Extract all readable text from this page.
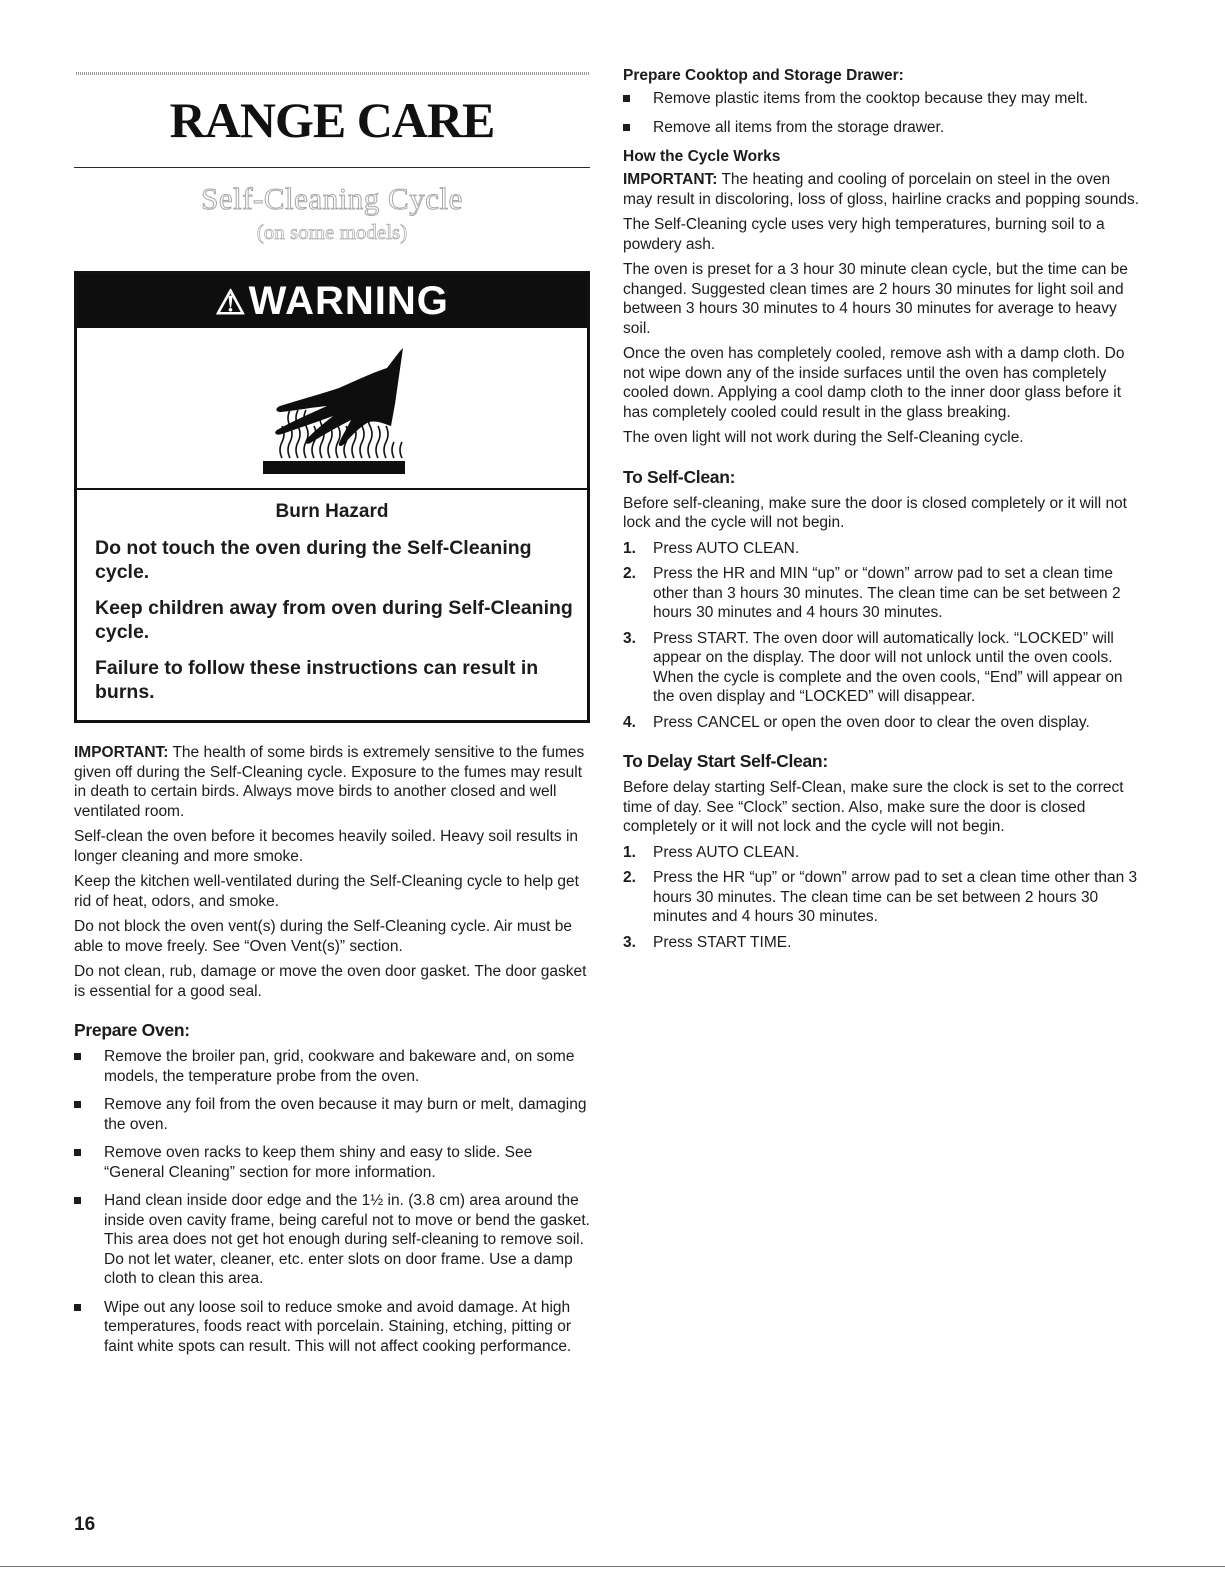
RANGE CARE
Self-Cleaning Cycle
(on some models)
⚠WARNING
Burn Hazard
Do not touch the oven during the Self-Cleaning cycle.
Keep children away from oven during Self-Cleaning cycle.
Failure to follow these instructions can result in burns.

IMPORTANT: The health of some birds is extremely sensitive to the fumes given off during the Self-Cleaning cycle. Exposure to the fumes may result in death to certain birds. Always move birds to another closed and well ventilated room.

Self-clean the oven before it becomes heavily soiled. Heavy soil results in longer cleaning and more smoke.

Keep the kitchen well-ventilated during the Self-Cleaning cycle to help get rid of heat, odors, and smoke.

Do not block the oven vent(s) during the Self-Cleaning cycle. Air must be able to move freely. See “Oven Vent(s)” section.

Do not clean, rub, damage or move the oven door gasket. The door gasket is essential for a good seal.

Prepare Oven:
Remove the broiler pan, grid, cookware and bakeware and, on some models, the temperature probe from the oven.
Remove any foil from the oven because it may burn or melt, damaging the oven.
Remove oven racks to keep them shiny and easy to slide. See “General Cleaning” section for more information.
Hand clean inside door edge and the 1½ in. (3.8 cm) area around the inside oven cavity frame, being careful not to move or bend the gasket. This area does not get hot enough during self-cleaning to remove soil. Do not let water, cleaner, etc. enter slots on door frame. Use a damp cloth to clean this area.
Wipe out any loose soil to reduce smoke and avoid damage. At high temperatures, foods react with porcelain. Staining, etching, pitting or faint white spots can result. This will not affect cooking performance.
Prepare Cooktop and Storage Drawer:
Remove plastic items from the cooktop because they may melt.
Remove all items from the storage drawer.
How the Cycle Works

IMPORTANT: The heating and cooling of porcelain on steel in the oven may result in discoloring, loss of gloss, hairline cracks and popping sounds.

The Self-Cleaning cycle uses very high temperatures, burning soil to a powdery ash.

The oven is preset for a 3 hour 30 minute clean cycle, but the time can be changed. Suggested clean times are 2 hours 30 minutes for light soil and between 3 hours 30 minutes to 4 hours 30 minutes for average to heavy soil.

Once the oven has completely cooled, remove ash with a damp cloth. Do not wipe down any of the inside surfaces until the oven has completely cooled down. Applying a cool damp cloth to the inner door glass before it has completely cooled could result in the glass breaking.

The oven light will not work during the Self-Cleaning cycle.

To Self-Clean:

Before self-cleaning, make sure the door is closed completely or it will not lock and the cycle will not begin.

1. Press AUTO CLEAN.
2. Press the HR and MIN “up” or “down” arrow pad to set a clean time other than 3 hours 30 minutes. The clean time can be set between 2 hours 30 minutes and 4 hours 30 minutes.
3. Press START. The oven door will automatically lock. “LOCKED” will appear on the display. The door will not unlock until the oven cools. When the cycle is complete and the oven cools, “End” will appear on the oven display and “LOCKED” will disappear.
4. Press CANCEL or open the oven door to clear the oven display.
To Delay Start Self-Clean:

Before delay starting Self-Clean, make sure the clock is set to the correct time of day. See “Clock” section. Also, make sure the door is closed completely or it will not lock and the cycle will not begin.

1. Press AUTO CLEAN.
2. Press the HR “up” or “down” arrow pad to set a clean time other than 3 hours 30 minutes. The clean time can be set between 2 hours 30 minutes and 4 hours 30 minutes.
3. Press START TIME.
16
